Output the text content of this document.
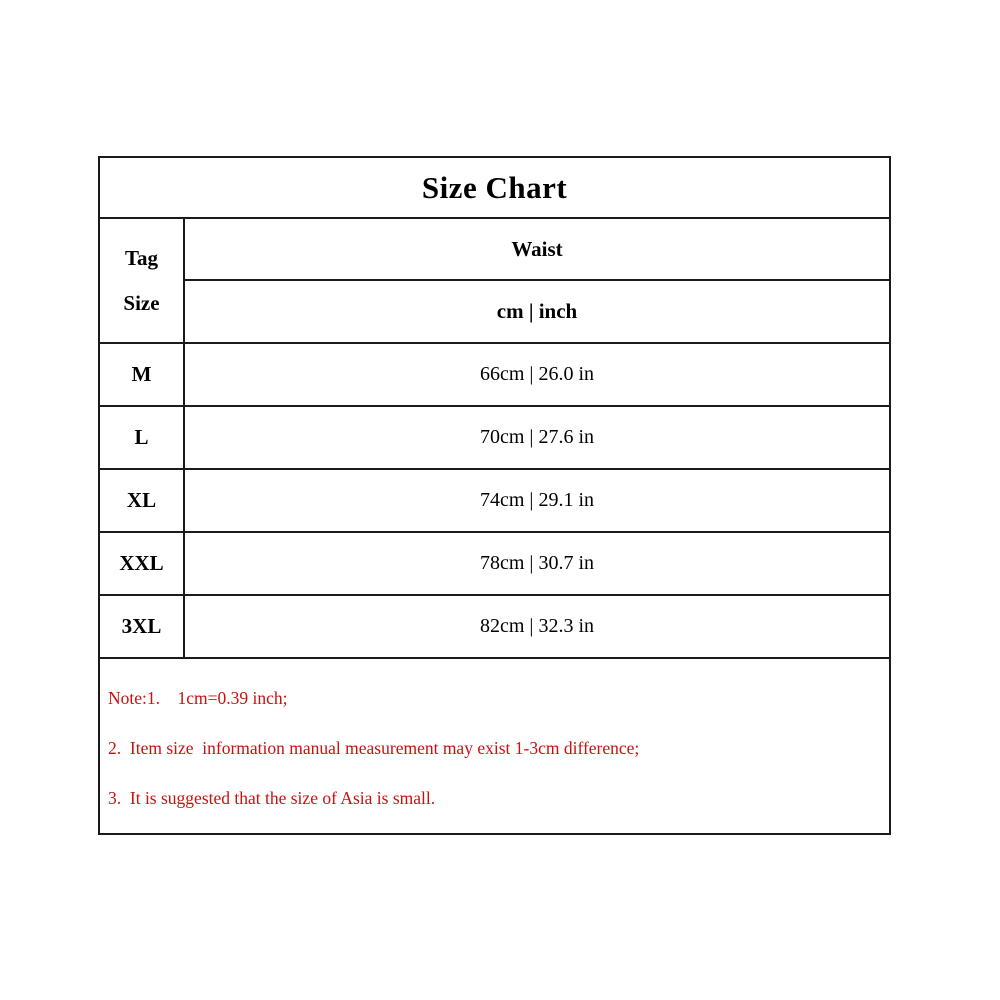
Size Chart
Tag
Size
Waist
cm | inch
M	66cm | 26.0 in
L	70cm | 27.6 in
XL	74cm | 29.1 in
XXL	78cm | 30.7 in
3XL	82cm | 32.3 in
Note:1.    1cm=0.39 inch;
2.  Item size  information manual measurement may exist 1-3cm difference;
3.  It is suggested that the size of Asia is small.
